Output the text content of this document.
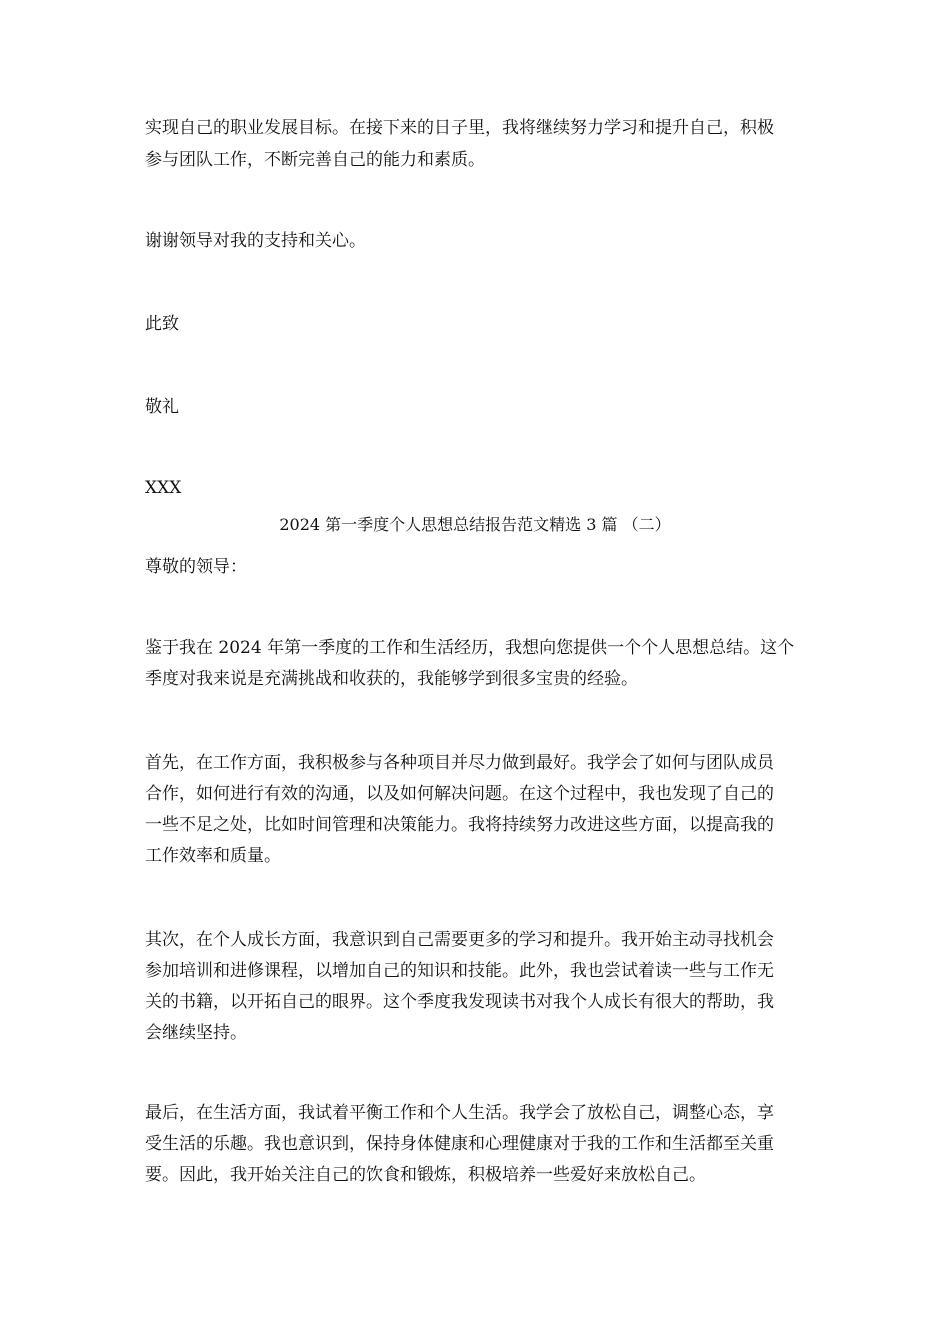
实现自己的职业发展目标。在接下来的日子里，我将继续努力学习和提升自己，积极
参与团队工作，不断完善自己的能力和素质。
谢谢领导对我的支持和关心。
此致
敬礼
XXX
2024 第一季度个人思想总结报告范文精选 3 篇 （二）
尊敬的领导：
鉴于我在 2024 年第一季度的工作和生活经历，我想向您提供一个个人思想总结。这个
季度对我来说是充满挑战和收获的，我能够学到很多宝贵的经验。
首先，在工作方面，我积极参与各种项目并尽力做到最好。我学会了如何与团队成员
合作，如何进行有效的沟通，以及如何解决问题。在这个过程中，我也发现了自己的
一些不足之处，比如时间管理和决策能力。我将持续努力改进这些方面，以提高我的
工作效率和质量。
其次，在个人成长方面，我意识到自己需要更多的学习和提升。我开始主动寻找机会
参加培训和进修课程，以增加自己的知识和技能。此外，我也尝试着读一些与工作无
关的书籍，以开拓自己的眼界。这个季度我发现读书对我个人成长有很大的帮助，我
会继续坚持。
最后，在生活方面，我试着平衡工作和个人生活。我学会了放松自己，调整心态，享
受生活的乐趣。我也意识到，保持身体健康和心理健康对于我的工作和生活都至关重
要。因此，我开始关注自己的饮食和锻炼，积极培养一些爱好来放松自己。
